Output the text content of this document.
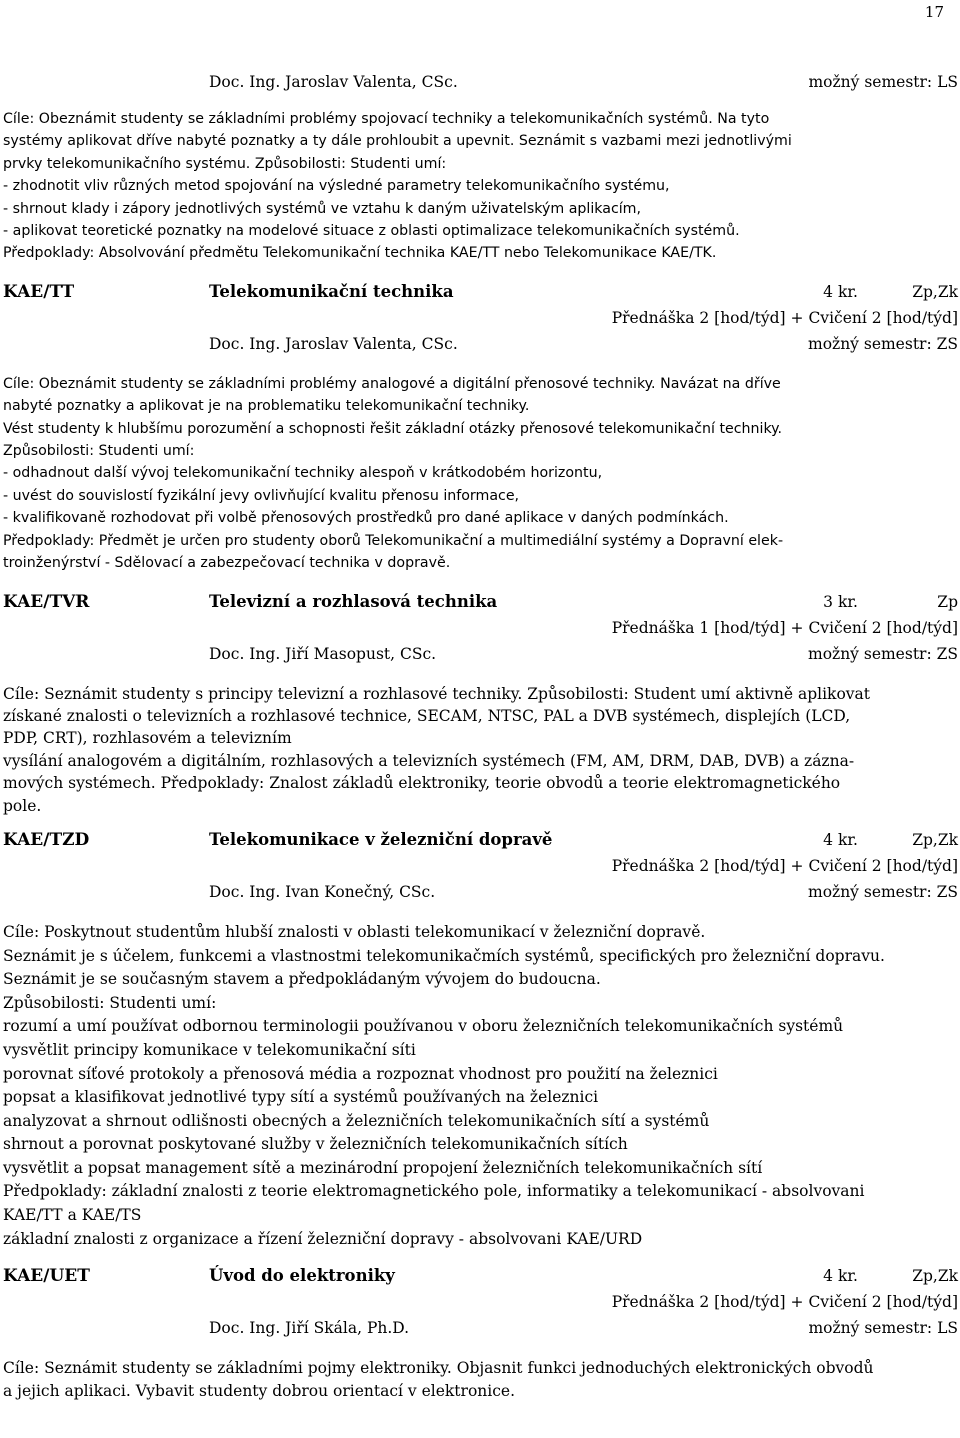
17
Doc. Ing. Jaroslav Valenta, CSc.	možný semestr: LS
Cíle: Obeznámit studenty se základními problémy spojovací techniky a telekomunikačních systémů. Na tyto
systémy aplikovat dříve nabyté poznatky a ty dále prohloubit a upevnit. Seznámit s vazbami mezi jednotlivými
prvky telekomunikačního systému. Způsobilosti: Studenti umí:
- zhodnotit vliv různých metod spojování na výsledné parametry telekomunikačního systému,
- shrnout klady i zápory jednotlivých systémů ve vztahu k daným uživatelským aplikacím,
- aplikovat teoretické poznatky na modelové situace z oblasti optimalizace telekomunikačních systémů.
Předpoklady: Absolvování předmětu Telekomunikační technika KAE/TT nebo Telekomunikace KAE/TK.
KAE/TT	Telekomunikační technika	4 kr.	Zp,Zk
Přednáška 2 [hod/týd] + Cvičení 2 [hod/týd]
Doc. Ing. Jaroslav Valenta, CSc.	možný semestr: ZS
Cíle: Obeznámit studenty se základními problémy analogové a digitální přenosové techniky. Navázat na dříve
nabyté poznatky a aplikovat je na problematiku telekomunikační techniky.
Vést studenty k hlubšímu porozumění a schopnosti řešit základní otázky přenosové telekomunikační techniky.
Způsobilosti: Studenti umí:
- odhadnout další vývoj telekomunikační techniky alespoň v krátkodobém horizontu,
- uvést do souvislostí fyzikální jevy ovlivňující kvalitu přenosu informace,
- kvalifikovaně rozhodovat při volbě přenosových prostředků pro dané aplikace v daných podmínkách.
Předpoklady: Předmět je určen pro studenty oborů Telekomunikační a multimediální systémy a Dopravní elek-
troinženýrství - Sdělovací a zabezpečovací technika v dopravě.
KAE/TVR	Televizní a rozhlasová technika	3 kr.	Zp
Přednáška 1 [hod/týd] + Cvičení 2 [hod/týd]
Doc. Ing. Jiří Masopust, CSc.	možný semestr: ZS
Cíle: Seznámit studenty s principy televizní a rozhlasové techniky. Způsobilosti: Student umí aktivně aplikovat
získané znalosti o televizních a rozhlasové technice, SECAM, NTSC, PAL a DVB systémech, displejích (LCD,
PDP, CRT), rozhlasovém a televizním
vysílání analogovém a digitálním, rozhlasových a televizních systémech (FM, AM, DRM, DAB, DVB) a zázna-
mových systémech. Předpoklady: Znalost základů elektroniky, teorie obvodů a teorie elektromagnetického
pole.
KAE/TZD	Telekomunikace v železniční dopravě	4 kr.	Zp,Zk
Přednáška 2 [hod/týd] + Cvičení 2 [hod/týd]
Doc. Ing. Ivan Konečný, CSc.	možný semestr: ZS
Cíle: Poskytnout studentům hlubší znalosti v oblasti telekomunikací v železniční dopravě.
Seznámit je s účelem, funkcemi a vlastnostmi telekomunikačmích systémů, specifických pro železniční dopravu.
Seznámit je se současným stavem a předpokládaným vývojem do budoucna.
Způsobilosti: Studenti umí:
rozumí a umí používat odbornou terminologii používanou v oboru železničních telekomunikačních systémů
vysvětlit principy komunikace v telekomunikační síti
porovnat síťové protokoly a přenosová média a rozpoznat vhodnost pro použití na železnici
popsat a klasifikovat jednotlivé typy sítí a systémů používaných na železnici
analyzovat a shrnout odlišnosti obecných a železničních telekomunikačních sítí a systémů
shrnout a porovnat poskytované služby v železničních telekomunikačních sítích
vysvětlit a popsat management sítě a mezinárodní propojení železničních telekomunikačních sítí
Předpoklady: základní znalosti z teorie elektromagnetického pole, informatiky a telekomunikací - absolvovani
KAE/TT a KAE/TS
základní znalosti z organizace a řízení železniční dopravy - absolvovani KAE/URD
KAE/UET	Úvod do elektroniky	4 kr.	Zp,Zk
Přednáška 2 [hod/týd] + Cvičení 2 [hod/týd]
Doc. Ing. Jiří Skála, Ph.D.	možný semestr: LS
Cíle: Seznámit studenty se základními pojmy elektroniky. Objasnit funkci jednoduchých elektronických obvodů
a jejich aplikaci. Vybavit studenty dobrou orientací v elektronice.
